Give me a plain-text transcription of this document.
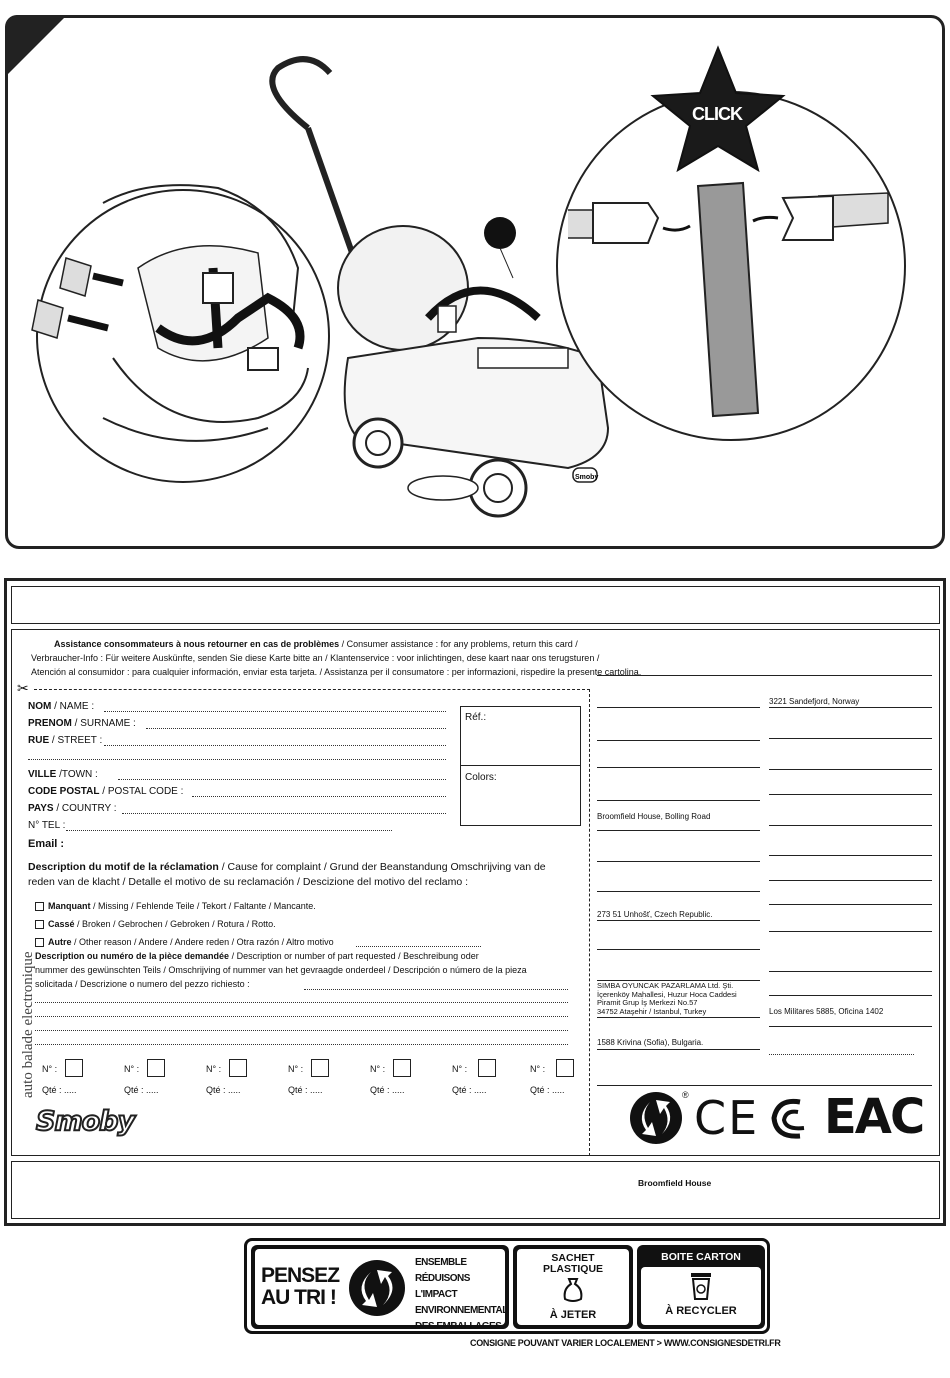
Smoby
CLICK
Assistance consommateurs à nous retourner en cas de problèmes / Consumer assistance : for any problems, return this card /
Verbraucher-Info : Für weitere Auskünfte, senden Sie diese Karte bitte an / Klantenservice : voor inlichtingen, dese kaart naar ons terugsturen /
Atención al consumidor : para cualquier información, enviar esta tarjeta. / Assistanza per il consumatore : per informazioni, rispedire la presente cartolina.
✂
NOM / NAME :
PRENOM / SURNAME :
RUE / STREET :
VILLE /TOWN :
CODE POSTAL / POSTAL CODE :
PAYS / COUNTRY :
N° TEL :
Email :
Réf.:
Colors:
Description du motif de la réclamation / Cause for complaint / Grund der Beanstandung Omschrijving van de
reden van de klacht / Detalle el motivo de su reclamación / Descizione del motivo del reclamo :
Manquant / Missing / Fehlende Teile / Tekort / Faltante / Mancante.
Cassé / Broken / Gebrochen / Gebroken / Rotura / Rotto.
Autre / Other reason / Andere / Andere reden / Otra razón / Altro motivo
Description ou numéro de la pièce demandée / Description or number of part requested / Beschreibung oder
nummer des gewünschten Teils / Omschrijving of nummer van het gevraagde onderdeel / Descripción o número de la pieza
solicitada / Descrizione o numero del pezzo richiesto :
auto balade electronique N° :
Qté : .....
N° :
Qté : .....
N° :
Qté : .....
N° :
Qté : .....
N° :
Qté : .....
N° :
Qté : .....
N° :
Qté : .....
Smoby
3221 Sandefjord, Norway
Broomfield House, Bolling Road
273 51 Unhošť, Czech Republic.
SIMBA OYUNCAK PAZARLAMA Ltd. Şti.
İçerenköy Mahallesi, Huzur Hoca Caddesi
Piramit Grup İş Merkezi No.57
34752 Ataşehir / Istanbul, Turkey	Los Militares 5885, Oficina 1402
1588 Krivina (Sofia), Bulgaria.
® CE EAC
Broomfield House
PENSEZ
AU TRI !
ENSEMBLE
RÉDUISONS L'IMPACT
ENVIRONNEMENTAL
DES EMBALLAGES
SACHET
PLASTIQUE
À JETER
BOITE CARTON
À RECYCLER
CONSIGNE POUVANT VARIER LOCALEMENT > WWW.CONSIGNESDETRI.FR
